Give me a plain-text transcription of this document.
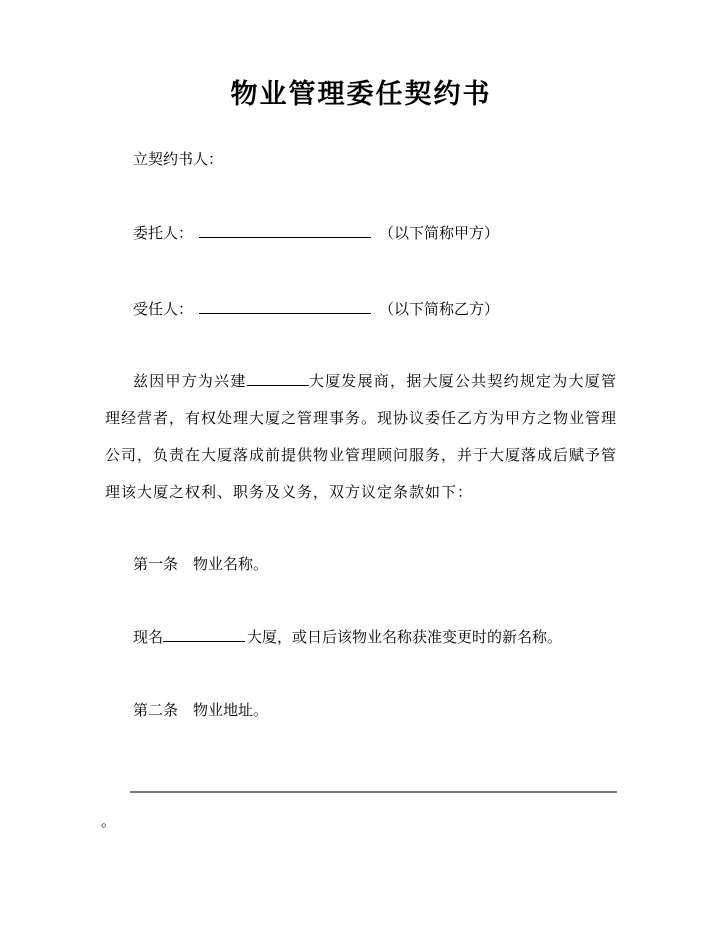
物业管理委任契约书

立契约书人：

委托人：	（以下简称甲方）

受任人：	（以下简称乙方）

兹因甲方为兴建	大厦发展商，据大厦公共契约规定为大厦管理经营者，有权处理大厦之管理事务。现协议委任乙方为甲方之物业管理公司，负责在大厦落成前提供物业管理顾问服务，并于大厦落成后赋予管理该大厦之权利、职务及义务，双方议定条款如下：

第一条　物业名称。

现名	大厦，或日后该物业名称获准变更时的新名称。

第二条　物业地址。

。
